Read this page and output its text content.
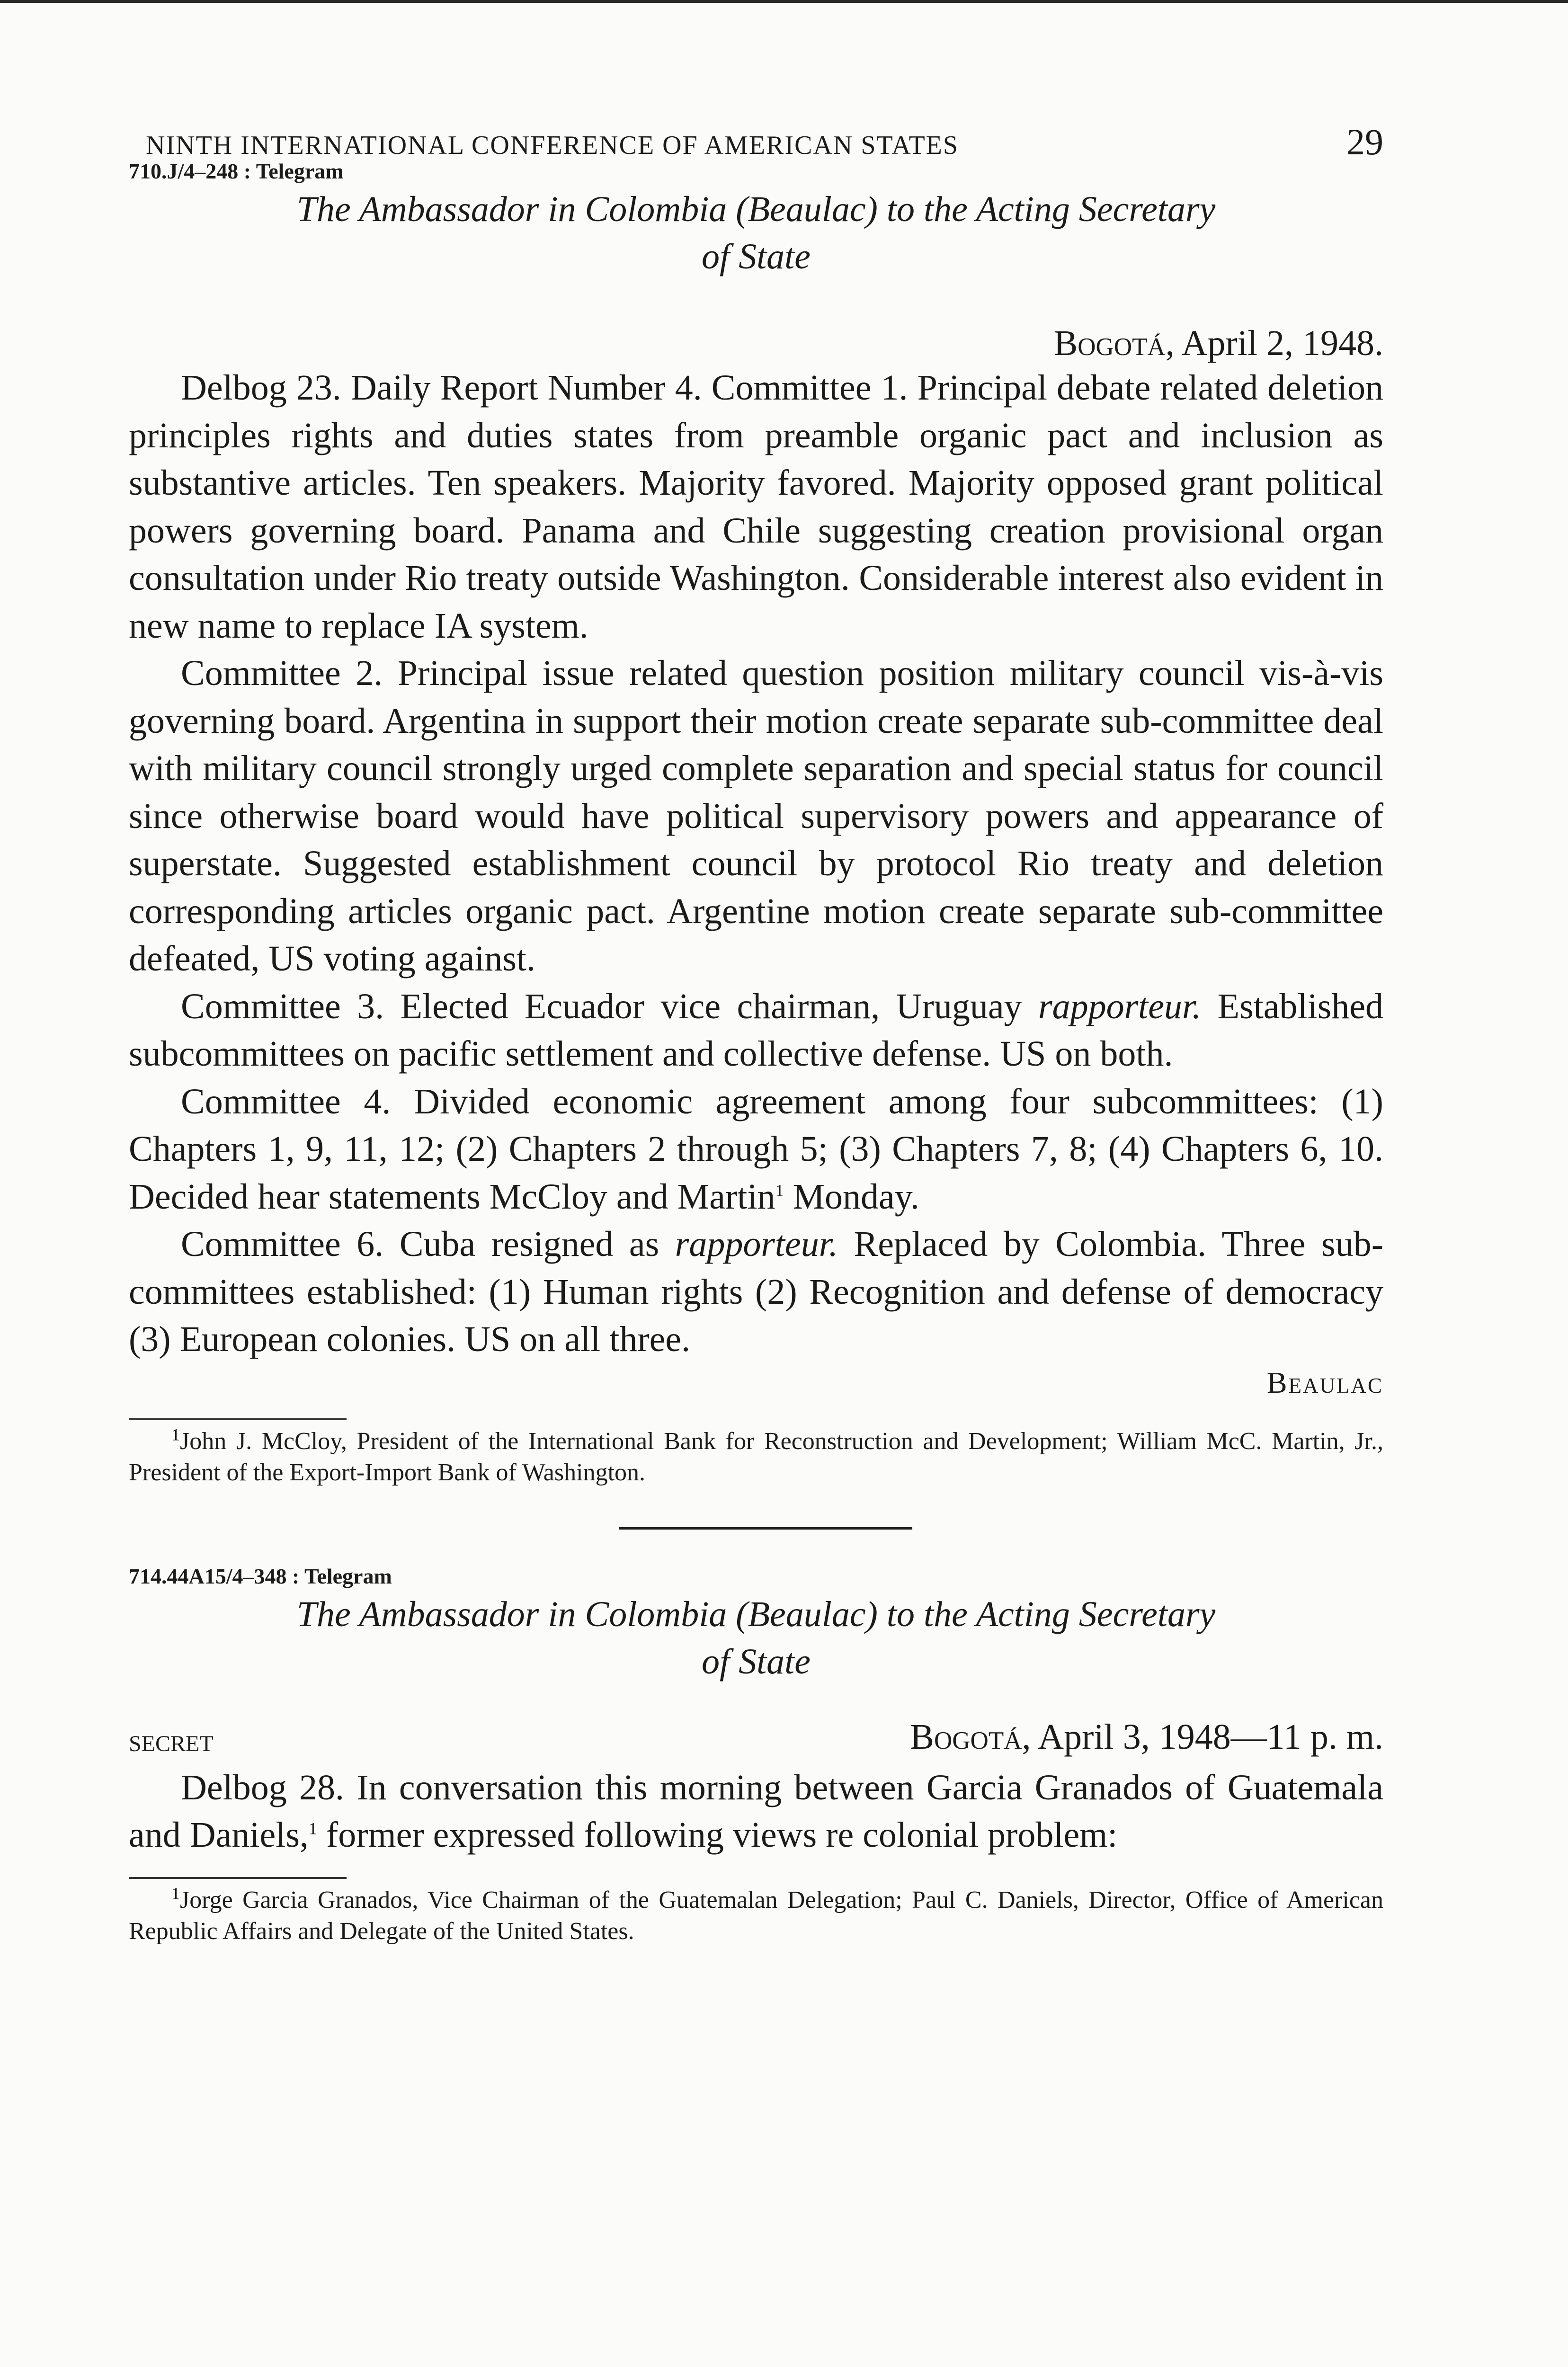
NINTH INTERNATIONAL CONFERENCE OF AMERICAN STATES	29
710.J/4–248 : Telegram
The Ambassador in Colombia (Beaulac) to the Acting Secretary
of State
Bogotá, April 2, 1948.

Delbog 23. Daily Report Number 4. Committee 1. Principal debate related deletion principles rights and duties states from preamble organic pact and inclusion as substantive articles. Ten speakers. Majority favored. Majority opposed grant political powers governing board. Panama and Chile suggesting creation provisional organ consultation under Rio treaty outside Washington. Considerable interest also evident in new name to replace IA system.

Committee 2. Principal issue related question position military council vis-à-vis governing board. Argentina in support their motion create separate sub-committee deal with military council strongly urged complete separation and special status for council since otherwise board would have political supervisory powers and appearance of superstate. Suggested establishment council by protocol Rio treaty and deletion corresponding articles organic pact. Argentine motion create separate sub-committee defeated, US voting against.

Committee 3. Elected Ecuador vice chairman, Uruguay rapporteur. Established subcommittees on pacific settlement and collective defense. US on both.

Committee 4. Divided economic agreement among four subcommittees: (1) Chapters 1, 9, 11, 12; (2) Chapters 2 through 5; (3) Chapters 7, 8; (4) Chapters 6, 10. Decided hear statements McCloy and Martin$^1$ Monday.

Committee 6. Cuba resigned as rapporteur. Replaced by Colombia. Three sub-committees established: (1) Human rights (2) Recognition and defense of democracy (3) European colonies. US on all three.

Beaulac
$^1$John J. McCloy, President of the International Bank for Reconstruction and Development; William McC. Martin, Jr., President of the Export-Import Bank of Washington.
714.44A15/4–348 : Telegram
The Ambassador in Colombia (Beaulac) to the Acting Secretary
of State
SECRET	Bogotá, April 3, 1948—11 p. m.

Delbog 28. In conversation this morning between Garcia Granados of Guatemala and Daniels,$^1$ former expressed following views re colonial problem:

$^1$Jorge Garcia Granados, Vice Chairman of the Guatemalan Delegation; Paul C. Daniels, Director, Office of American Republic Affairs and Delegate of the United States.
